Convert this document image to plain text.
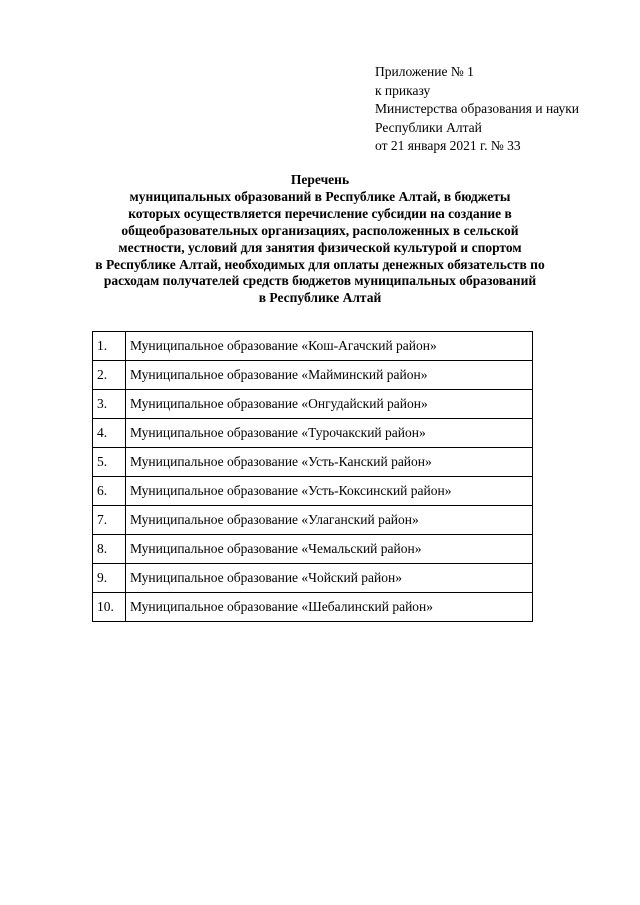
Приложение № 1
к приказу
Министерства образования и науки
Республики Алтай
от 21 января 2021 г. № 33
Перечень
муниципальных образований в Республике Алтай, в бюджеты
которых осуществляется перечисление субсидии на создание в
общеобразовательных организациях, расположенных в сельской
местности, условий для занятия физической культурой и спортом
в Республике Алтай, необходимых для оплаты денежных обязательств по
расходам получателей средств бюджетов муниципальных образований
в Республике Алтай
1.	Муниципальное образование «Кош-Агачский район»
2.	Муниципальное образование «Майминский район»
3.	Муниципальное образование «Онгудайский район»
4.	Муниципальное образование «Турочакский район»
5.	Муниципальное образование «Усть-Канский район»
6.	Муниципальное образование «Усть-Коксинский район»
7.	Муниципальное образование «Улаганский район»
8.	Муниципальное образование «Чемальский район»
9.	Муниципальное образование «Чойский район»
10.	Муниципальное образование «Шебалинский район»
